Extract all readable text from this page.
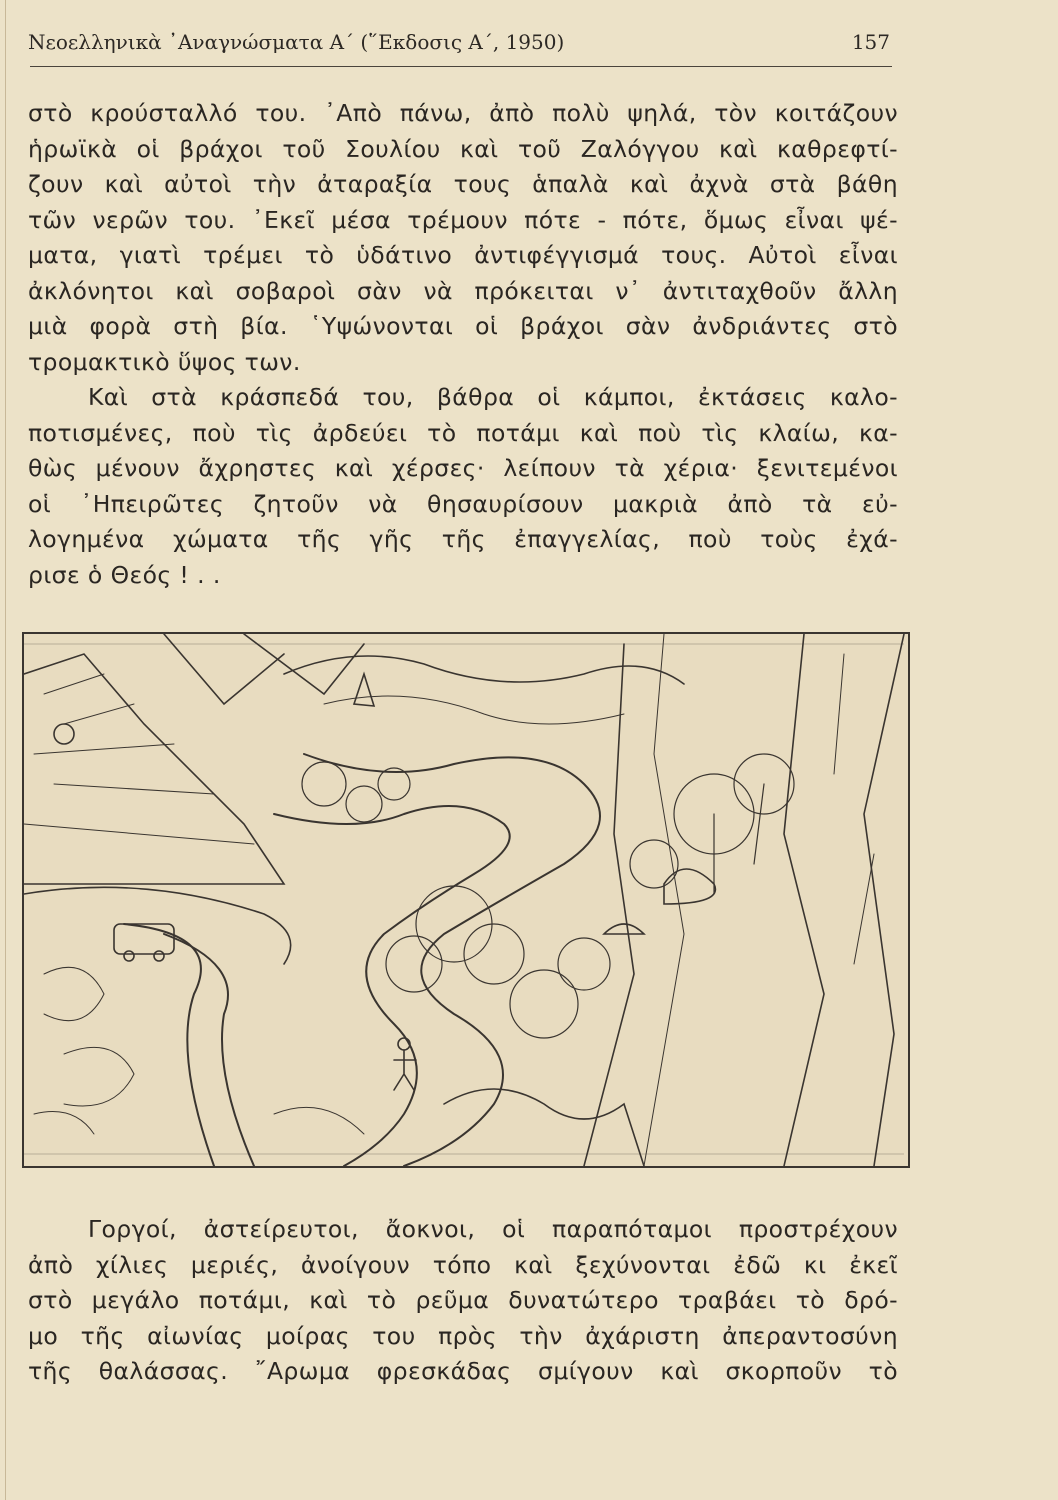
Νεοελληνικὰ ᾽Αναγνώσματα Α΄ (῞Εκδοσις Α΄, 1950)	157
στὸ κρούσταλλό του. ᾽Απὸ πάνω, ἀπὸ πολὺ ψηλά, τὸν κοιτάζουν
ἡρωϊκὰ οἱ βράχοι τοῦ Σουλίου καὶ τοῦ Ζαλόγγου καὶ καθρεφτί-
ζουν καὶ αὐτοὶ τὴν ἀταραξία τους ἁπαλὰ καὶ ἀχνὰ στὰ βάθη
τῶν νερῶν του. ᾽Εκεῖ μέσα τρέμουν πότε - πότε, ὅμως εἶναι ψέ-
ματα, γιατὶ τρέμει τὸ ὑδάτινο ἀντιφέγγισμά τους. Αὐτοὶ εἶναι
ἀκλόνητοι καὶ σοβαροὶ σὰν νὰ πρόκειται ν᾽ ἀντιταχθοῦν ἄλλη
μιὰ φορὰ στὴ βία. ῾Υψώνονται οἱ βράχοι σὰν ἀνδριάντες στὸ
τρομακτικὸ ὕψος των.
Καὶ στὰ κράσπεδά του, βάθρα οἱ κάμποι, ἐκτάσεις καλο-
ποτισμένες, ποὺ τὶς ἀρδεύει τὸ ποτάμι καὶ ποὺ τὶς κλαίω, κα-
θὼς μένουν ἄχρηστες καὶ χέρσες· λείπουν τὰ χέρια· ξενιτεμένοι
οἱ ᾽Ηπειρῶτες ζητοῦν νὰ θησαυρίσουν μακριὰ ἀπὸ τὰ εὐ-
λογημένα χώματα τῆς γῆς τῆς ἐπαγγελίας, ποὺ τοὺς ἐχά-
ρισε ὁ Θεός ! . .
Γοργοί, ἀστείρευτοι, ἄοκνοι, οἱ παραπόταμοι προστρέχουν
ἀπὸ χίλιες μεριές, ἀνοίγουν τόπο καὶ ξεχύνονται ἐδῶ κι ἐκεῖ
στὸ μεγάλο ποτάμι, καὶ τὸ ρεῦμα δυνατώτερο τραβάει τὸ δρό-
μο τῆς αἰωνίας μοίρας του πρὸς τὴν ἀχάριστη ἀπεραντοσύνη
τῆς θαλάσσας. ῎Αρωμα φρεσκάδας σμίγουν καὶ σκορποῦν τὸ
